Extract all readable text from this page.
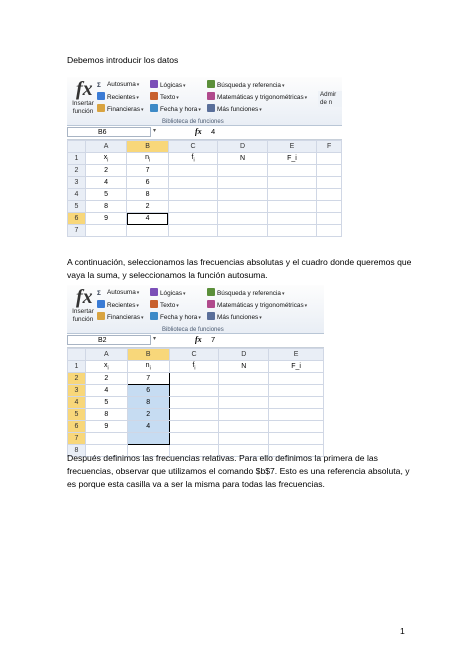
Debemos introducir los datos
fx
Insertar
función
Σ Autosuma▾
Recientes▾
Financieras▾
Lógicas▾
Texto▾
Fecha y hora▾
Búsqueda y referencia▾
Matemáticas y trigonométricas▾
Más funciones▾
Biblioteca de funciones
Admir
de n
B6	▾	fx 4
	A	B	C	D	E	F
1	$x_i$	$n_i$	$f_i$	N	F_i	
2	2	7				
3	4	6				
4	5	8				
5	8	2				
6	9	4				
7						
A continuación, seleccionamos las frecuencias absolutas y el cuadro donde queremos que vaya la suma, y seleccionamos la función autosuma.
fx
Insertar
función
Σ Autosuma▾
Recientes▾
Financieras▾
Lógicas▾
Texto▾
Fecha y hora▾
Búsqueda y referencia▾
Matemáticas y trigonométricas▾
Más funciones▾
Biblioteca de funciones
B2	▾	fx 7
	A	B	C	D	E
1	$x_i$	$n_i$	$f_i$	N	F_i
2	2	7			
3	4	6			
4	5	8			
5	8	2			
6	9	4			
7					
8					
Después definimos las frecuencias relativas. Para ello definimos la primera de las frecuencias, observar que utilizamos el comando $b$7. Esto es una referencia absoluta, y es porque esta casilla va a ser la misma para todas las frecuencias.
1
